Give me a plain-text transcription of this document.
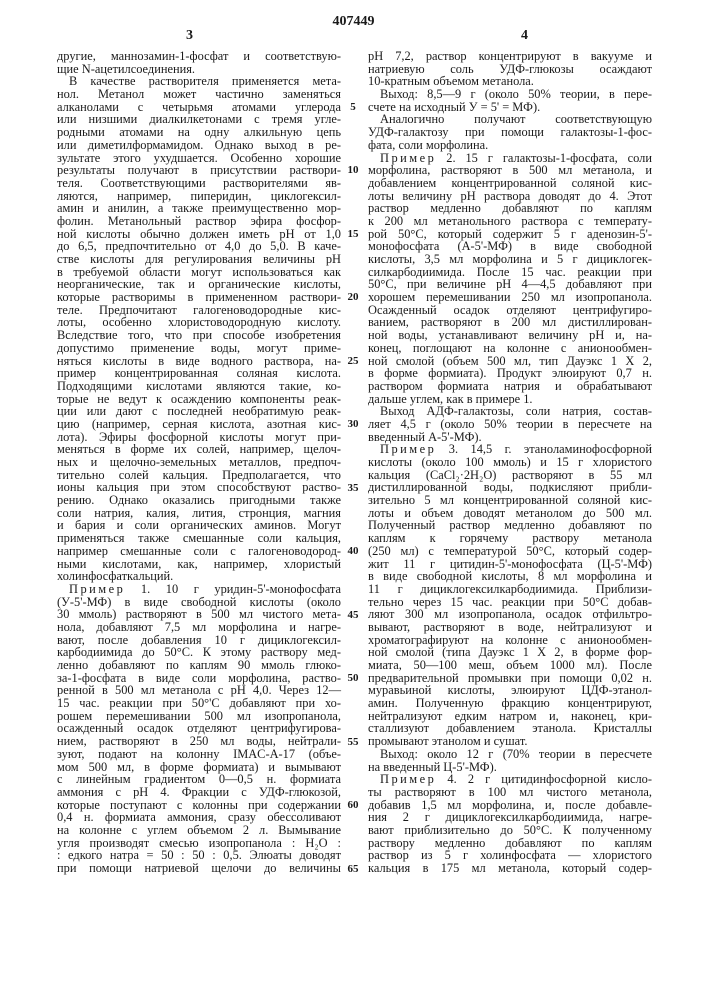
407449
3	4
другие, маннозамин-1-фосфат и соответствую-
щие N-ацетилсоединения.
В качестве растворителя применяется мета-
нол. Метанол может частично заменяться
алканолами с четырьмя атомами углерода
или низшими диалкилкетонами с тремя угле-
родными атомами на одну алкильную цепь
или диметилформамидом. Однако выход в ре-
зультате этого ухудшается. Особенно хорошие
результаты получают в присутствии раствори-
теля. Соответствующими растворителями яв-
ляются, например, пиперидин, циклогексил-
амин и анилин, а также преимущественно мор-
фолин. Метанольный раствор эфира фосфор-
ной кислоты обычно должен иметь pH от 1,0
до 6,5, предпочтительно от 4,0 до 5,0. В каче-
стве кислоты для регулирования величины pH
в требуемой области могут использоваться как
неорганические, так и органические кислоты,
которые растворимы в примененном раствори-
теле. Предпочитают галогеноводородные кис-
лоты, особенно хлористоводородную кислоту.
Вследствие того, что при способе изобретения
допустимо применение воды, могут приме-
няться кислоты в виде водного раствора, на-
пример концентрированная соляная кислота.
Подходящими кислотами являются такие, ко-
торые не ведут к осаждению компоненты реак-
ции или дают с последней необратимую реак-
цию (например, серная кислота, азотная кис-
лота). Эфиры фосфорной кислоты могут при-
меняться в форме их солей, например, щелоч-
ных и щелочно-земельных металлов, предпоч-
тительно солей кальция. Предполагается, что
ионы кальция при этом способствуют раство-
рению. Однако оказались пригодными также
соли натрия, калия, лития, стронция, магния
и бария и соли органических аминов. Могут
применяться также смешанные соли кальция,
например смешанные соли с галогеноводород-
ными кислотами, как, например, хлористый
холинфосфаткальций.
Пример 1. 10 г уридин-5'-монофосфата
(У-5'-МФ) в виде свободной кислоты (около
30 ммоль) растворяют в 500 мл чистого мета-
нола, добавляют 7,5 мл морфолина и нагре-
вают, после добавления 10 г дициклогексил-
карбодиимида до 50°С. К этому раствору мед-
ленно добавляют по каплям 90 ммоль глюко-
за-1-фосфата в виде соли морфолина, раство-
ренной в 500 мл метанола с pH 4,0. Через 12—
15 час. реакции при 50°'С добавляют при хо-
рошем перемешивании 500 мл изопропанола,
осажденный осадок отделяют центрифугирова-
нием, растворяют в 250 мл воды, нейтрали-
зуют, подают на колонну IMAC-A-17 (объе-
мом 500 мл, в форме формиата) и вымывают
с линейным градиентом 0—0,5 н. формиата
аммония с pH 4. Фракции с УДФ-глюкозой,
которые поступают с колонны при содержании
0,4 н. формиата аммония, сразу обессоливают
на колонне с углем объемом 2 л. Вымывание
угля производят смесью изопропанола : H₂O :
: едкого натра = 50 : 50 : 0,5. Элюаты доводят
при помощи натриевой щелочи до величины
5
10
15
20
25
30
35
40
45
50
55
60
65
pH 7,2, раствор концентрируют в вакууме и
натриевую соль УДФ-глюкозы осаждают
10-кратным объемом метанола.
Выход: 8,5—9 г (около 50% теории, в пере-
счете на исходный У = 5' = МФ).
Аналогично получают соответствующую
УДФ-галактозу при помощи галактозы-1-фос-
фата, соли морфолина.
Пример 2. 15 г галактозы-1-фосфата, соли
морфолина, растворяют в 500 мл метанола, и
добавлением концентрированной соляной кис-
лоты величину pH раствора доводят до 4. Этот
раствор медленно добавляют по каплям
к 200 мл метанольного раствора с температу-
рой 50°С, который содержит 5 г аденозин-5'-
монофосфата (А-5'-МФ) в виде свободной
кислоты, 3,5 мл морфолина и 5 г дициклогек-
силкарбодиимида. После 15 час. реакции при
50°С, при величине pH 4—4,5 добавляют при
хорошем перемешивании 250 мл изопропанола.
Осажденный осадок отделяют центрифугиро-
ванием, растворяют в 200 мл дистиллирован-
ной воды, устанавливают величину pH и, на-
конец, поглощают на колонне с анионообмен-
ной смолой (объем 500 мл, тип Дауэкс 1 Х 2,
в форме формиата). Продукт элюируют 0,7 н.
раствором формиата натрия и обрабатывают
дальше углем, как в примере 1.
Выход АДФ-галактозы, соли натрия, состав-
ляет 4,5 г (около 50% теории в пересчете на
введенный А-5'-МФ).
Пример 3. 14,5 г. этаноламинофосфорной
кислоты (около 100 ммоль) и 15 г хлористого
кальция (CaCl₂·2H₂O) растворяют в 55 мл
дистиллированной воды, подкисляют прибли-
зительно 5 мл концентрированной соляной кис-
лоты и объем доводят метанолом до 500 мл.
Полученный раствор медленно добавляют по
каплям к горячему раствору метанола
(250 мл) с температурой 50°С, который содер-
жит 11 г цитидин-5'-монофосфата (Ц-5'-МФ)
в виде свободной кислоты, 8 мл морфолина и
11 г дициклогексилкарбодиимида. Приблизи-
тельно через 15 час. реакции при 50°С добав-
ляют 300 мл изопропанола, осадок отфильтро-
вывают, растворяют в воде, нейтрализуют и
хроматографируют на колонне с анионообмен-
ной смолой (типа Дауэкс 1 Х 2, в форме фор-
миата, 50—100 меш, объем 1000 мл). После
предварительной промывки при помощи 0,02 н.
муравьиной кислоты, элюируют ЦДФ-этанол-
амин. Полученную фракцию концентрируют,
нейтрализуют едким натром и, наконец, кри-
сталлизуют добавлением этанола. Кристаллы
промывают этанолом и сушат.
Выход: около 12 г (70% теории в пересчете
на введенный Ц-5'-МФ).
Пример 4. 2 г цитидинфосфорной кисло-
ты растворяют в 100 мл чистого метанола,
добавив 1,5 мл морфолина, и, после добавле-
ния 2 г дициклогексилкарбодиимида, нагре-
вают приблизительно до 50°С. К полученному
раствору медленно добавляют по каплям
раствор из 5 г холинфосфата — хлористого
кальция в 175 мл метанола, который содер-
